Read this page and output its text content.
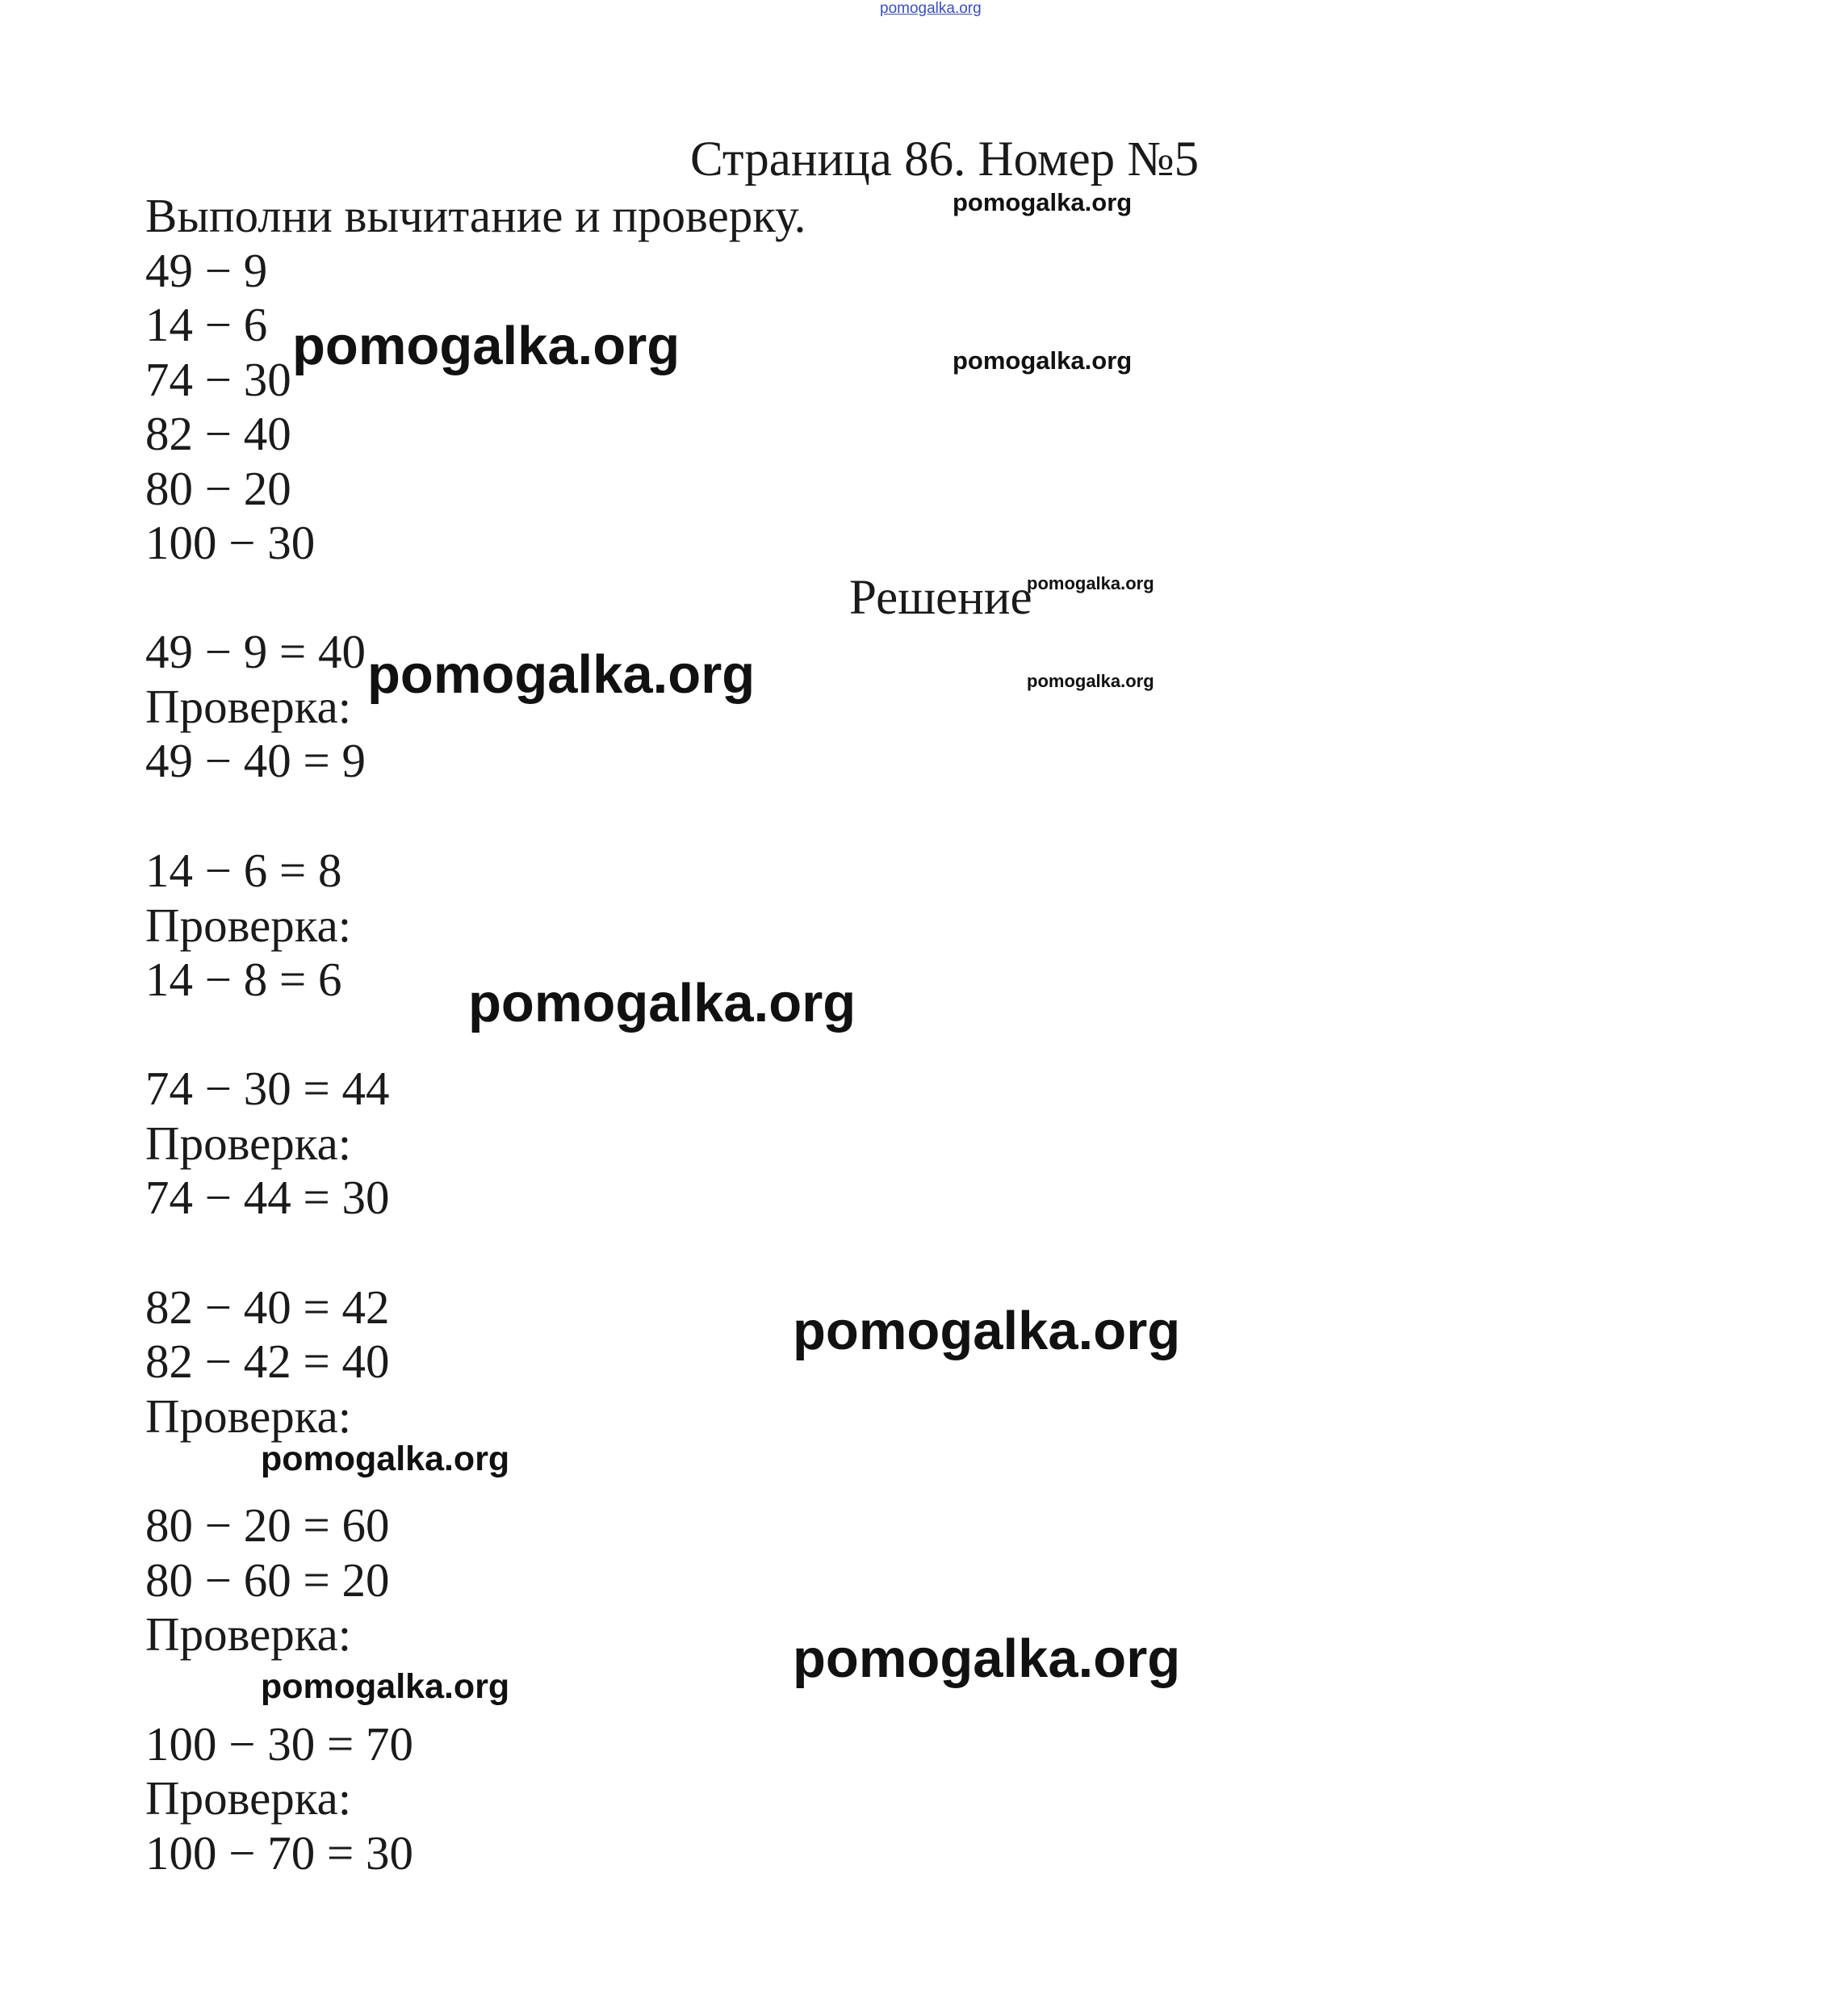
pomogalka.org
Страница 86. Номер №5
Выполни вычитание и проверку.
49 − 9
14 − 6
74 − 30
82 − 40
80 − 20
100 − 30
Решение
49 − 9 = 40
Проверка:
49 − 40 = 9
14 − 6 = 8
Проверка:
14 − 8 = 6
74 − 30 = 44
Проверка:
74 − 44 = 30
82 − 40 = 42
82 − 42 = 40
Проверка:
80 − 20 = 60
80 − 60 = 20
Проверка:
100 − 30 = 70
Проверка:
100 − 70 = 30
pomogalka.org
pomogalka.org	pomogalka.org
pomogalka.org
pomogalka.org	pomogalka.org
pomogalka.org
pomogalka.org
pomogalka.org
pomogalka.org
pomogalka.org
